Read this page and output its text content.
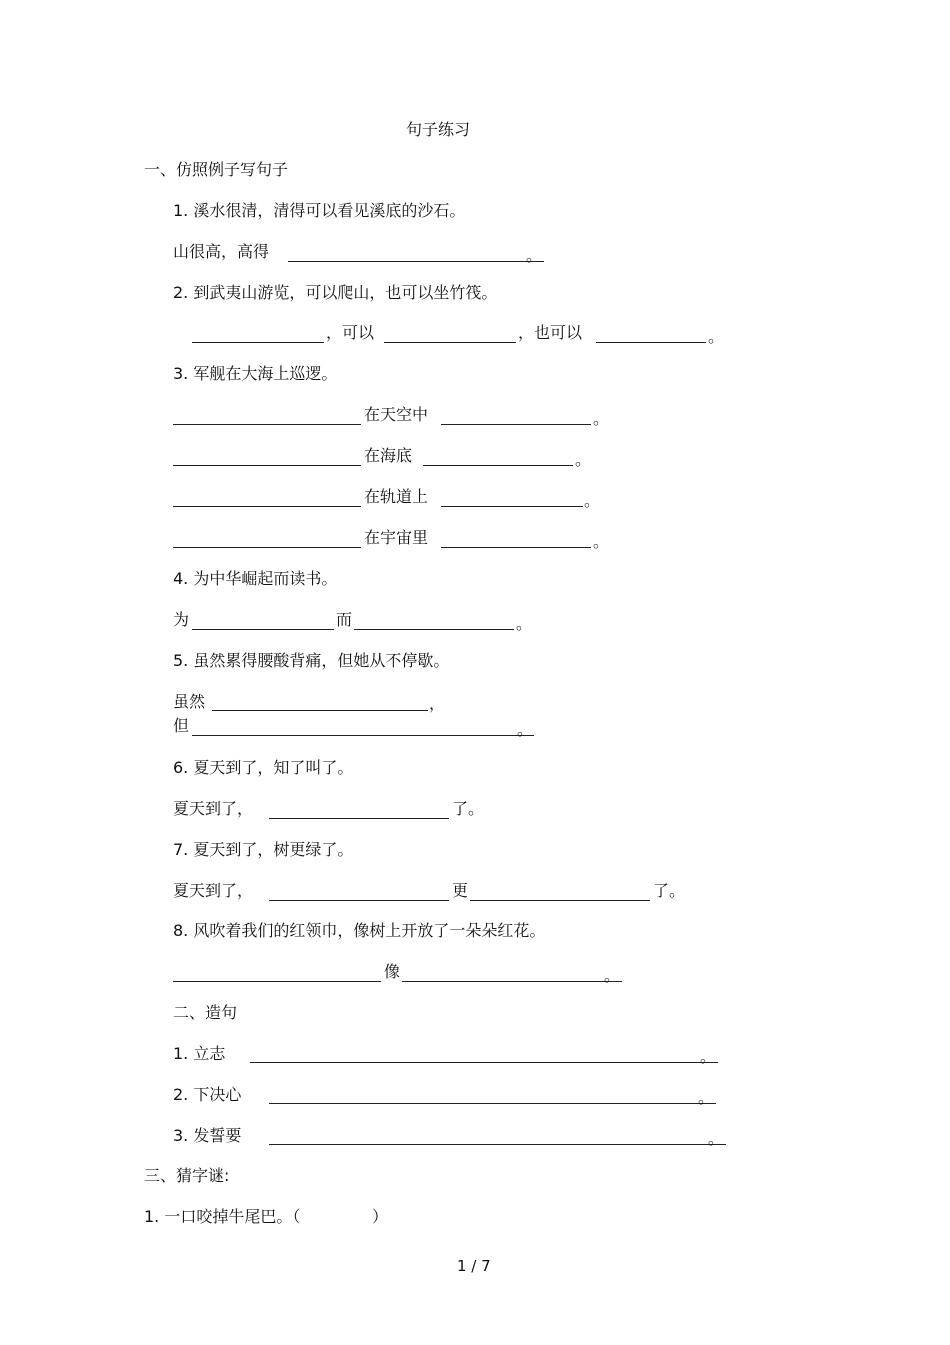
句子练习
一、仿照例子写句子
1. 溪水很清，清得可以看见溪底的沙石。
山很高，高得	。
2. 到武夷山游览，可以爬山，也可以坐竹筏。
，可以	，也可以	。
3. 军舰在大海上巡逻。
在天空中	。
在海底	。
在轨道上	。
在宇宙里	。
4. 为中华崛起而读书。
为	而	。
5. 虽然累得腰酸背痛，但她从不停歇。
虽然	，
但	。
6. 夏天到了，知了叫了。
夏天到了，	了。
7. 夏天到了，树更绿了。
夏天到了，	更	了。
8. 风吹着我们的红领巾，像树上开放了一朵朵红花。
像	。
二、造句
1. 立志	。
2. 下决心	。
3. 发誓要	。
三、猜字谜:
1. 一口咬掉牛尾巴。（	）
1 / 7
